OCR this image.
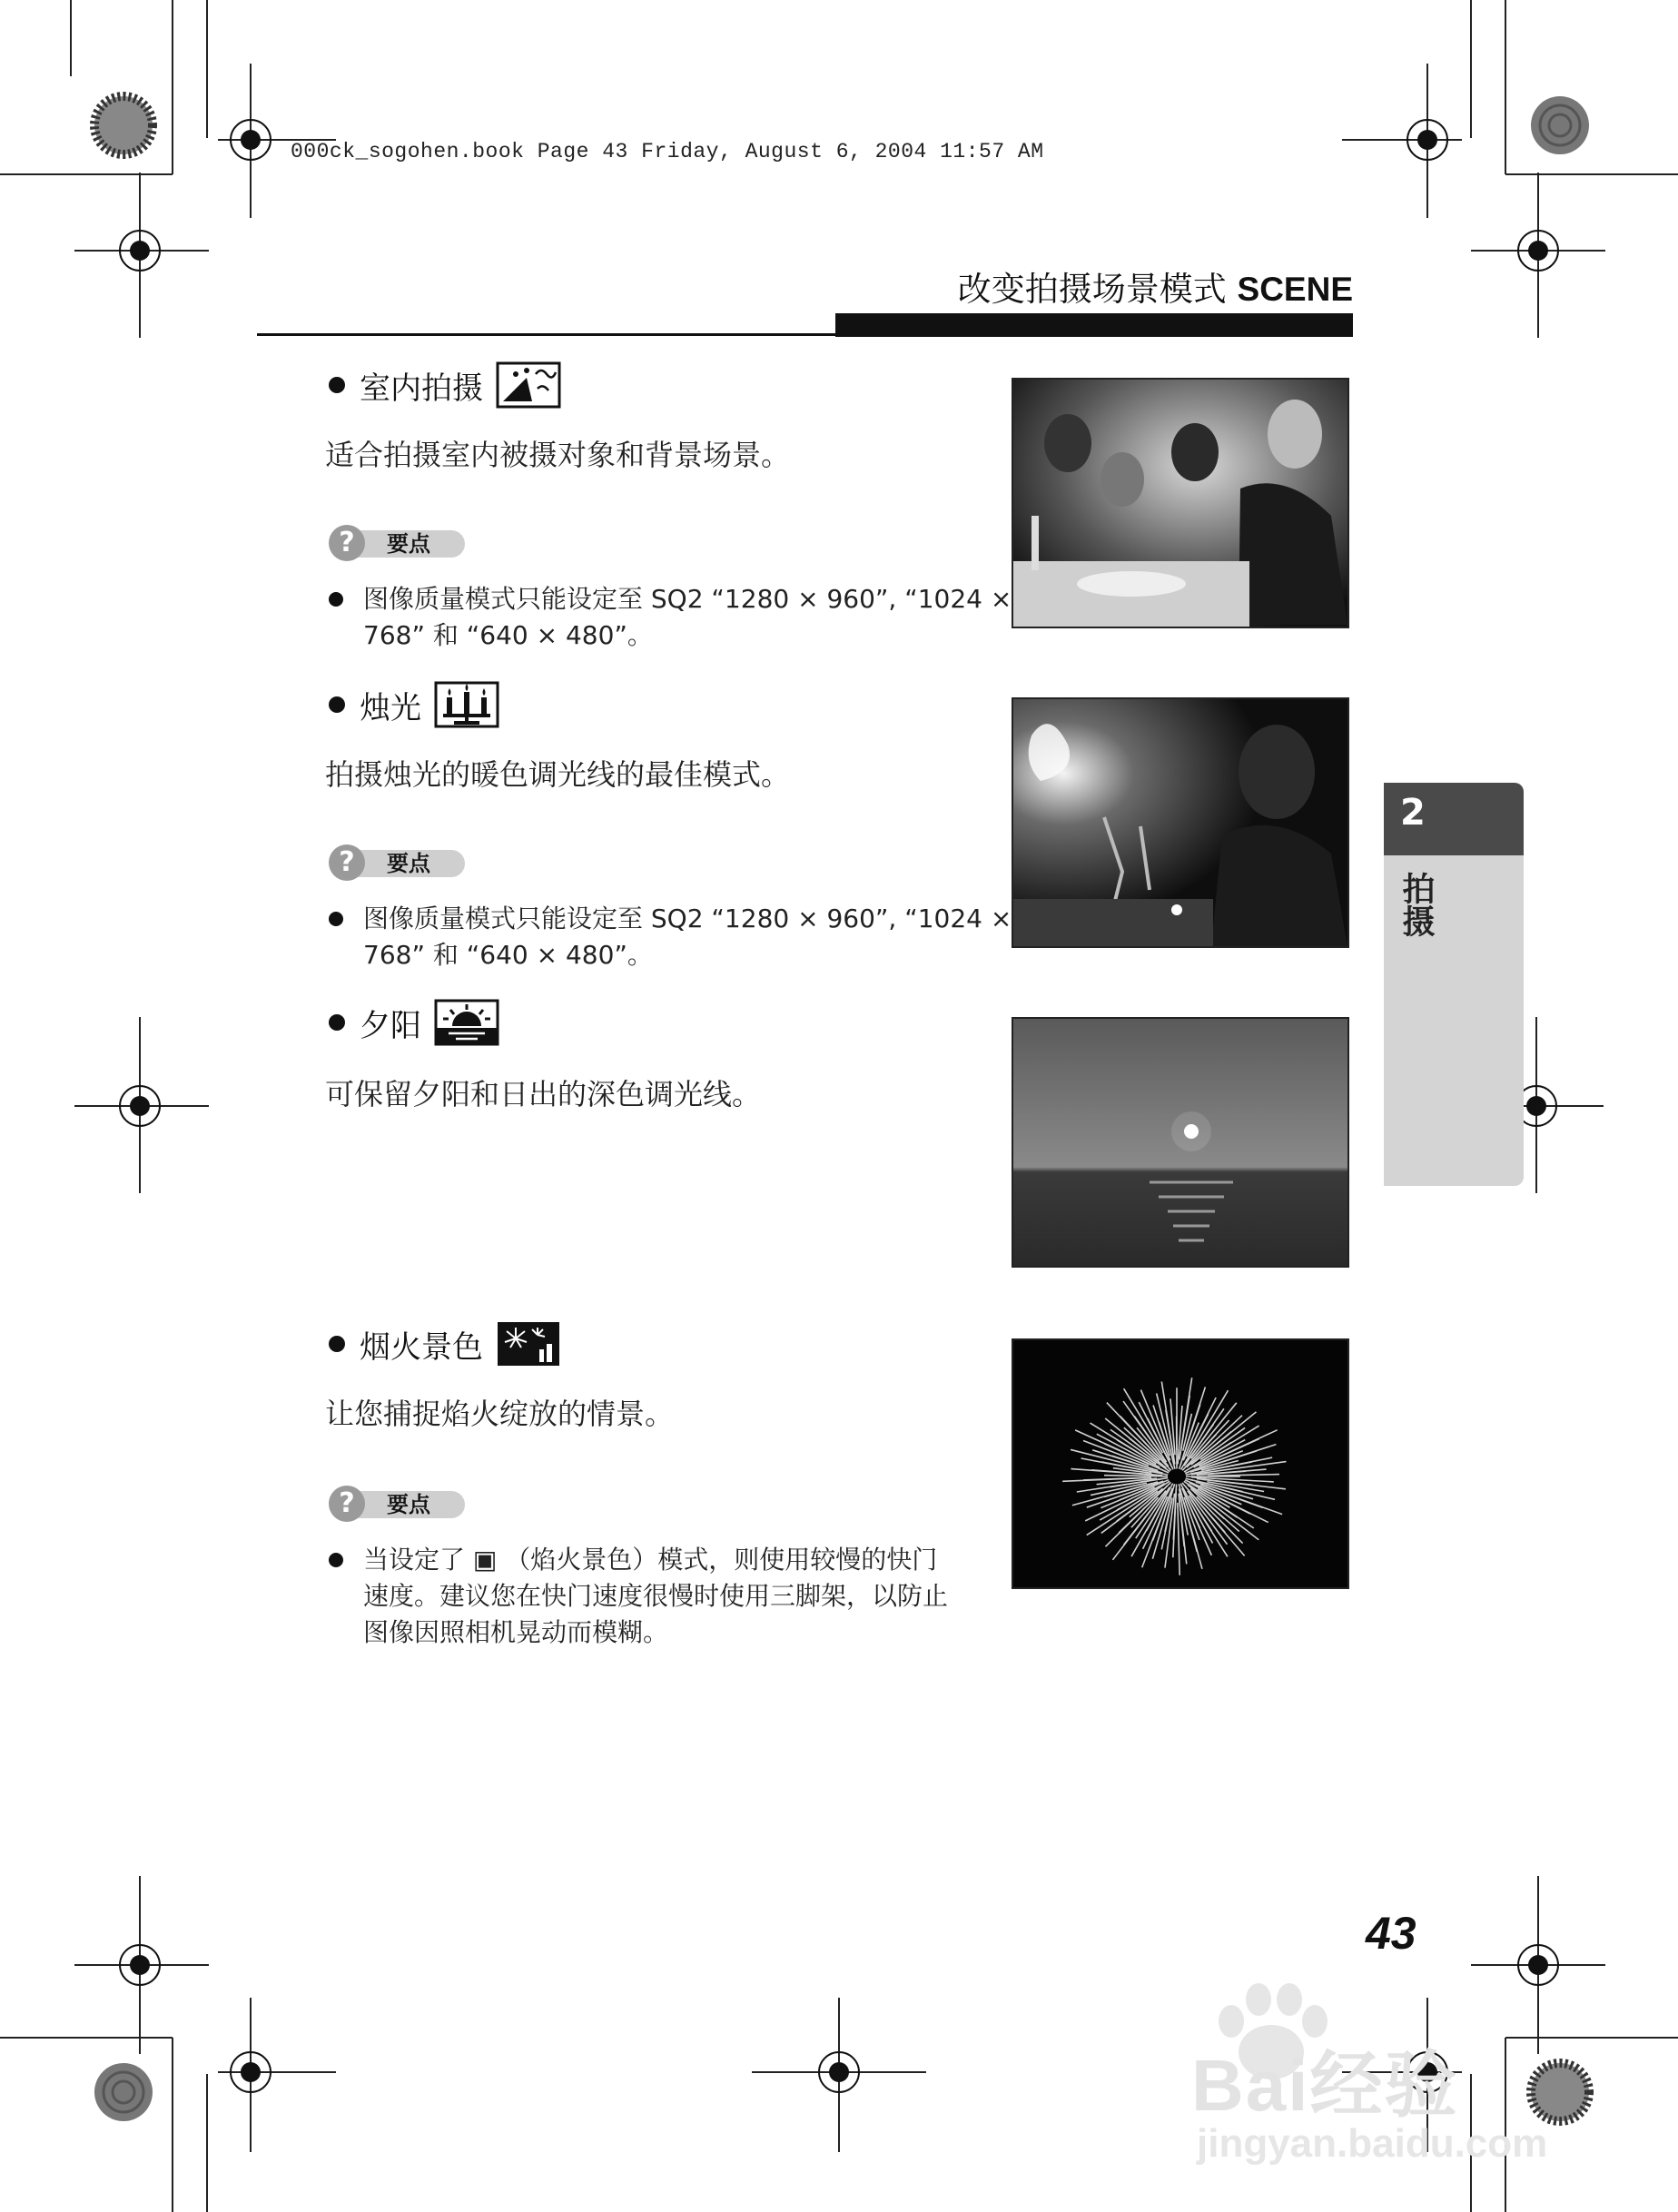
000ck_sogohen.book Page 43 Friday, August 6, 2004 11:57 AM
改变拍摄场景模式 SCENE
室内拍摄
适合拍摄室内被摄对象和背景场景。
?	要点
图像质量模式只能设定至 SQ2 “1280 × 960”, “1024 ×
768” 和 “640 × 480”。
烛光
拍摄烛光的暖色调光线的最佳模式。
?	要点
图像质量模式只能设定至 SQ2 “1280 × 960”, “1024 ×
768” 和 “640 × 480”。
夕阳
可保留夕阳和日出的深色调光线。
烟火景色
让您捕捉焰火绽放的情景。
?	要点
当设定了 ▣ （焰火景色）模式，则使用较慢的快门
速度。建议您在快门速度很慢时使用三脚架，以防止
图像因照相机晃动而模糊。
2
拍摄
43
Bai经验
jingyan.baidu.com
